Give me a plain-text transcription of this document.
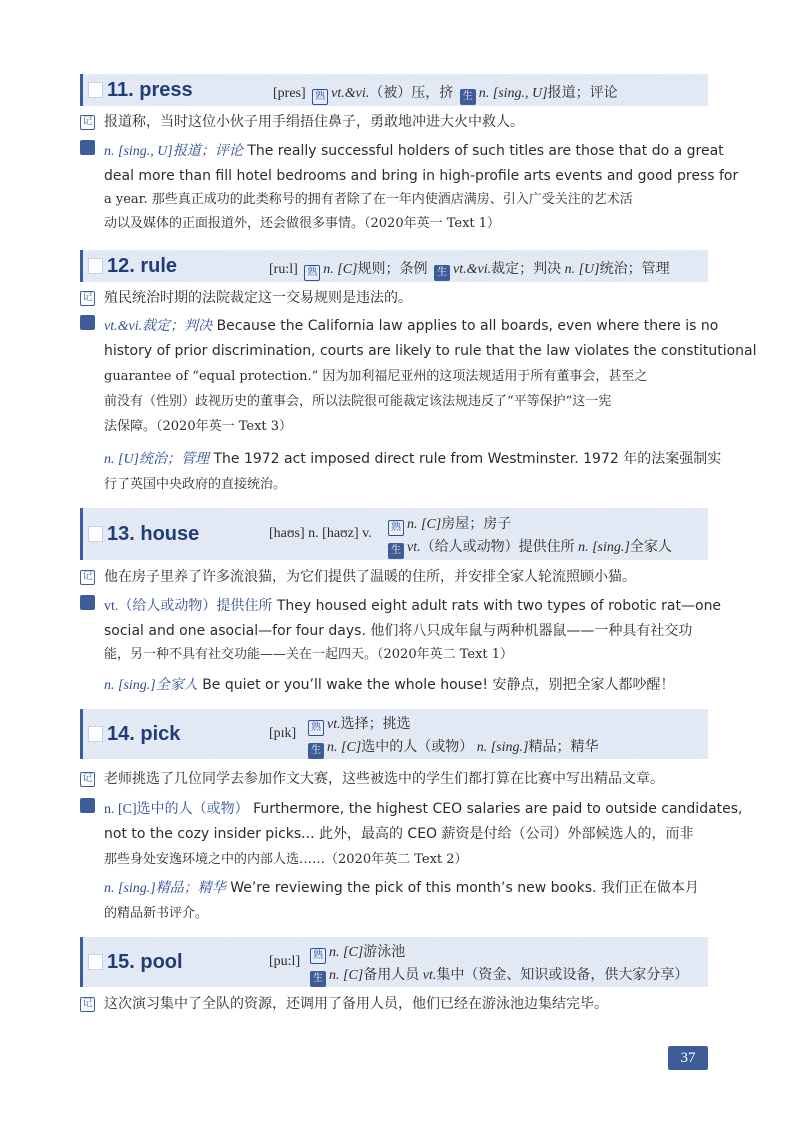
11. press	[pres] 熟 vt.&vi.（被）压，挤 生 n. [sing., U]报道；评论
记 报道称，当时这位小伙子用手绢捂住鼻子，勇敢地冲进大火中救人。
n. [sing., U]报道；评论 The really successful holders of such titles are those that do a great
deal more than fill hotel bedrooms and bring in high-profile arts events and good press for
a year. 那些真正成功的此类称号的拥有者除了在一年内使酒店满房、引入广受关注的艺术活
动以及媒体的正面报道外，还会做很多事情。（2020年英一 Text 1）
12. rule	[ru:l] 熟 n. [C]规则；条例 生 vt.&vi.裁定；判决 n. [U]统治；管理
记 殖民统治时期的法院裁定这一交易规则是违法的。
vt.&vi.裁定；判决 Because the California law applies to all boards, even where there is no
history of prior discrimination, courts are likely to rule that the law violates the constitutional
guarantee of “equal protection.” 因为加利福尼亚州的这项法规适用于所有董事会，甚至之
前没有（性别）歧视历史的董事会，所以法院很可能裁定该法规违反了“平等保护”这一宪
法保障。（2020年英一 Text 3）
n. [U]统治；管理 The 1972 act imposed direct rule from Westminster. 1972 年的法案强制实
行了英国中央政府的直接统治。
13. house	[haʊs] n. [haʊz] v.	熟 n. [C]房屋；房子
生 vt.（给人或动物）提供住所 n. [sing.]全家人
记 他在房子里养了许多流浪猫，为它们提供了温暖的住所，并安排全家人轮流照顾小猫。
vt.（给人或动物）提供住所 They housed eight adult rats with two types of robotic rat—one
social and one asocial—for four days. 他们将八只成年鼠与两种机器鼠——一种具有社交功
能，另一种不具有社交功能——关在一起四天。（2020年英二 Text 1）
n. [sing.]全家人 Be quiet or you’ll wake the whole house! 安静点，别把全家人都吵醒！
14. pick	[pɪk]	熟 vt.选择；挑选
生 n. [C]选中的人（或物） n. [sing.]精品；精华
记 老师挑选了几位同学去参加作文大赛，这些被选中的学生们都打算在比赛中写出精品文章。
n. [C]选中的人（或物） Furthermore, the highest CEO salaries are paid to outside candidates,
not to the cozy insider picks... 此外，最高的 CEO 薪资是付给（公司）外部候选人的，而非
那些身处安逸环境之中的内部人选……（2020年英二 Text 2）
n. [sing.]精品；精华 We’re reviewing the pick of this month’s new books. 我们正在做本月
的精品新书评介。
15. pool	[pu:l]	熟 n. [C]游泳池
生 n. [C]备用人员 vt.集中（资金、知识或设备，供大家分享）
记 这次演习集中了全队的资源，还调用了备用人员，他们已经在游泳池边集结完毕。
37
